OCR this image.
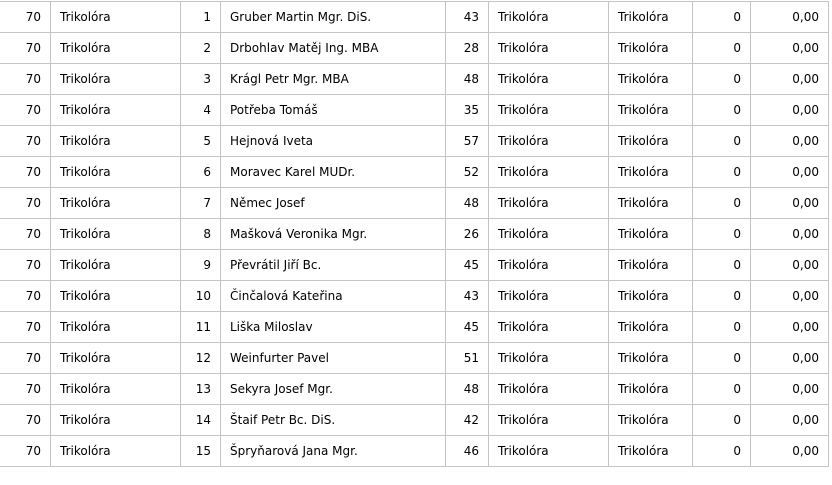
70	Trikolóra	1	Gruber Martin Mgr. DiS.	43	Trikolóra	Trikolóra	0	0,00
70	Trikolóra	2	Drbohlav Matěj Ing. MBA	28	Trikolóra	Trikolóra	0	0,00
70	Trikolóra	3	Krágl Petr Mgr. MBA	48	Trikolóra	Trikolóra	0	0,00
70	Trikolóra	4	Potřeba Tomáš	35	Trikolóra	Trikolóra	0	0,00
70	Trikolóra	5	Hejnová Iveta	57	Trikolóra	Trikolóra	0	0,00
70	Trikolóra	6	Moravec Karel MUDr.	52	Trikolóra	Trikolóra	0	0,00
70	Trikolóra	7	Němec Josef	48	Trikolóra	Trikolóra	0	0,00
70	Trikolóra	8	Mašková Veronika Mgr.	26	Trikolóra	Trikolóra	0	0,00
70	Trikolóra	9	Převrátil Jiří Bc.	45	Trikolóra	Trikolóra	0	0,00
70	Trikolóra	10	Činčalová Kateřina	43	Trikolóra	Trikolóra	0	0,00
70	Trikolóra	11	Liška Miloslav	45	Trikolóra	Trikolóra	0	0,00
70	Trikolóra	12	Weinfurter Pavel	51	Trikolóra	Trikolóra	0	0,00
70	Trikolóra	13	Sekyra Josef Mgr.	48	Trikolóra	Trikolóra	0	0,00
70	Trikolóra	14	Štaif Petr Bc. DiS.	42	Trikolóra	Trikolóra	0	0,00
70	Trikolóra	15	Špryňarová Jana Mgr.	46	Trikolóra	Trikolóra	0	0,00
